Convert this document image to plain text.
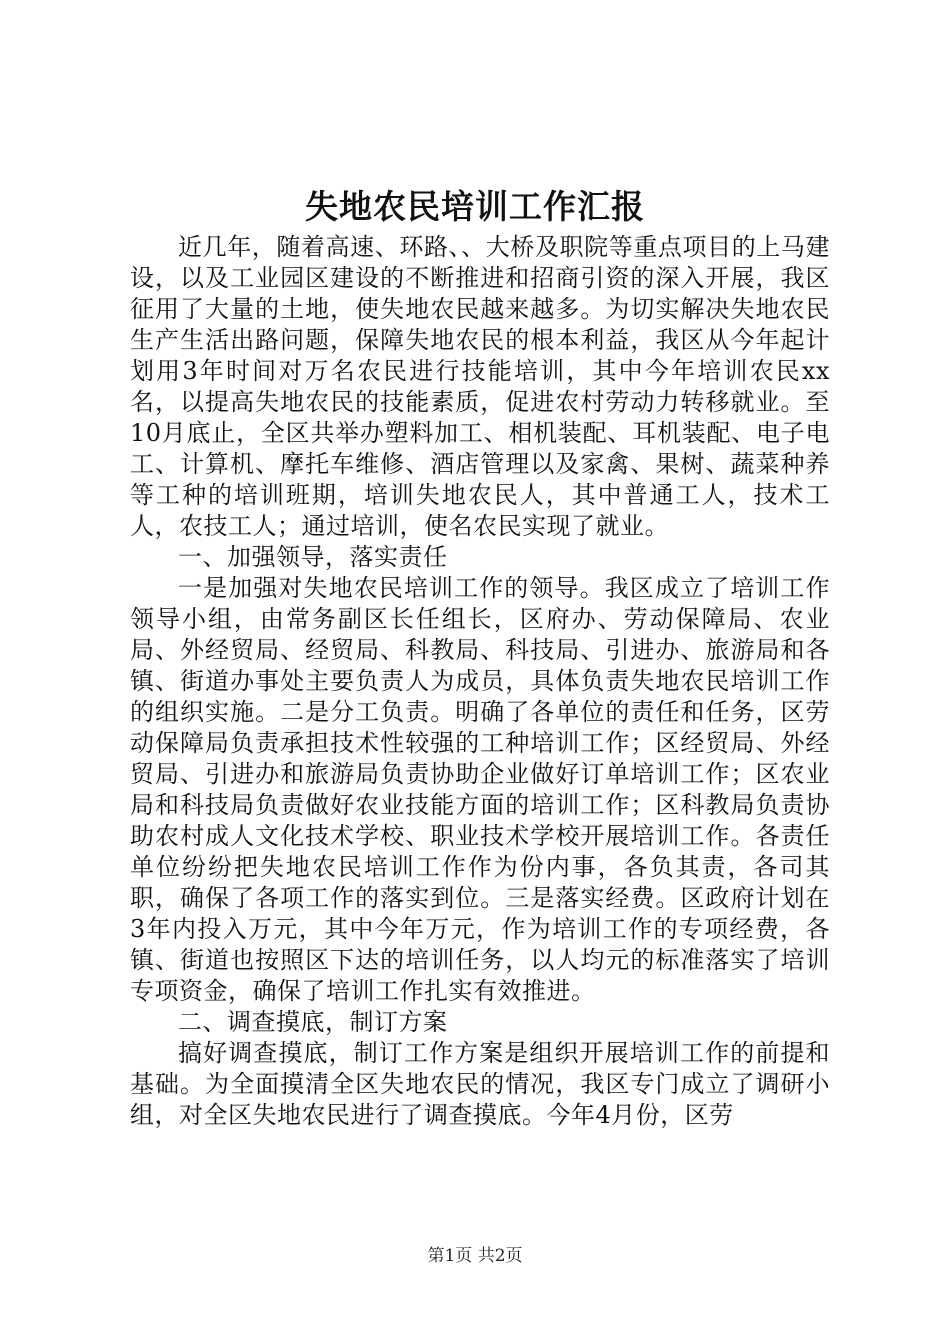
失地农民培训工作汇报

近几年，随着高速、环路、、大桥及职院等重点项目的上马建设，以及工业园区建设的不断推进和招商引资的深入开展，我区征用了大量的土地，使失地农民越来越多。为切实解决失地农民生产生活出路问题，保障失地农民的根本利益，我区从今年起计划用3年时间对万名农民进行技能培训，其中今年培训农民xx名，以提高失地农民的技能素质，促进农村劳动力转移就业。至10月底止，全区共举办塑料加工、相机装配、耳机装配、电子电工、计算机、摩托车维修、酒店管理以及家禽、果树、蔬菜种养等工种的培训班期，培训失地农民人，其中普通工人，技术工人，农技工人；通过培训，使名农民实现了就业。

一、加强领导，落实责任

一是加强对失地农民培训工作的领导。我区成立了培训工作领导小组，由常务副区长任组长，区府办、劳动保障局、农业局、外经贸局、经贸局、科教局、科技局、引进办、旅游局和各镇、街道办事处主要负责人为成员，具体负责失地农民培训工作的组织实施。二是分工负责。明确了各单位的责任和任务，区劳动保障局负责承担技术性较强的工种培训工作；区经贸局、外经贸局、引进办和旅游局负责协助企业做好订单培训工作；区农业局和科技局负责做好农业技能方面的培训工作；区科教局负责协助农村成人文化技术学校、职业技术学校开展培训工作。各责任单位纷纷把失地农民培训工作作为份内事，各负其责，各司其职，确保了各项工作的落实到位。三是落实经费。区政府计划在3年内投入万元，其中今年万元，作为培训工作的专项经费，各镇、街道也按照区下达的培训任务，以人均元的标准落实了培训专项资金，确保了培训工作扎实有效推进。

二、调查摸底，制订方案

搞好调查摸底，制订工作方案是组织开展培训工作的前提和基础。为全面摸清全区失地农民的情况，我区专门成立了调研小组，对全区失地农民进行了调查摸底。今年4月份，区劳

第1页 共2页
